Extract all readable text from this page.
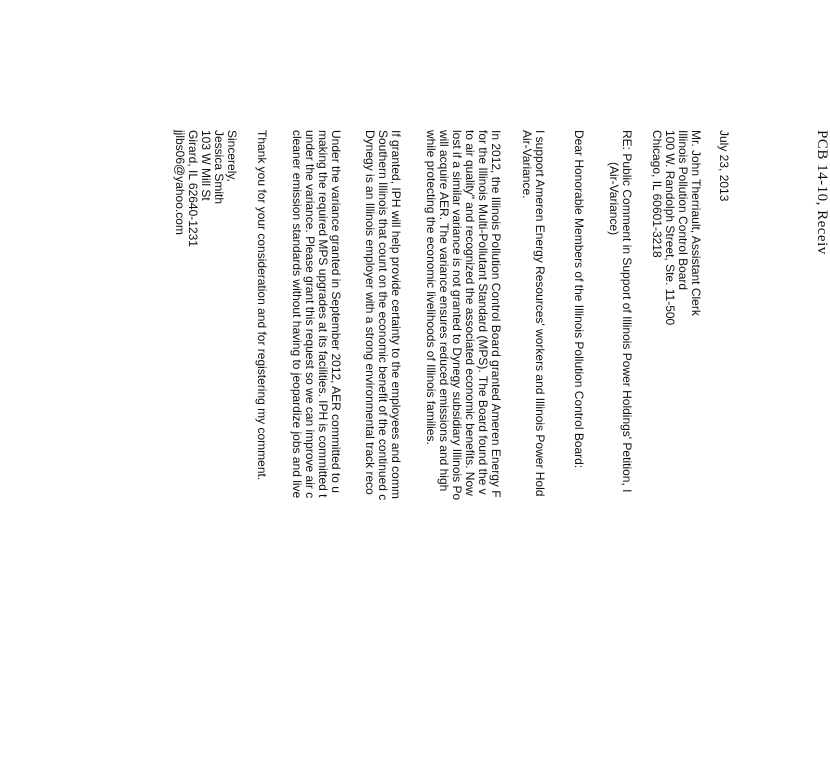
PCB 14-10, Receiv
July 23, 2013
Mr. John Therriault, Assistant Clerk
Illinois Pollution Control Board
100 W. Randolph Street, Ste. 11-500
Chicago, IL 60601-3218
RE: Public Comment in Support of Illinois Power Holdings' Petition, I
(Air-Variance)
Dear Honorable Members of the Illinois Pollution Control Board:
I support Ameren Energy Resources' workers and Illinois Power Hold
Air-Variance.
In 2012, the Illinois Pollution Control Board granted Ameren Energy F
for the Illinois Multi-Pollutant Standard (MPS). The Board found the v
to air quality" and recognized the associated economic benefits. Now
lost if a similar variance is not granted to Dynegy subsidiary Illinois Po
will acquire AER. The variance ensures reduced emissions and high
while protecting the economic livelihoods of Illinois families.
If granted, IPH will help provide certainty to the employees and comm
Southern Illinois that count on the economic benefit of the continued c
Dynegy is an Illinois employer with a strong environmental track reco
Under the variance granted in September 2012, AER committed to u
making the required MPS upgrades at its facilities. IPH is committed t
under the variance. Please grant this request so we can improve air c
cleaner emission standards without having to jeopardize jobs and live
Thank you for your consideration and for registering my comment.
Sincerely,
Jessica Smith
103 W Mill St
Girard, IL 62640-1231
jjlbs06@yahoo.com
